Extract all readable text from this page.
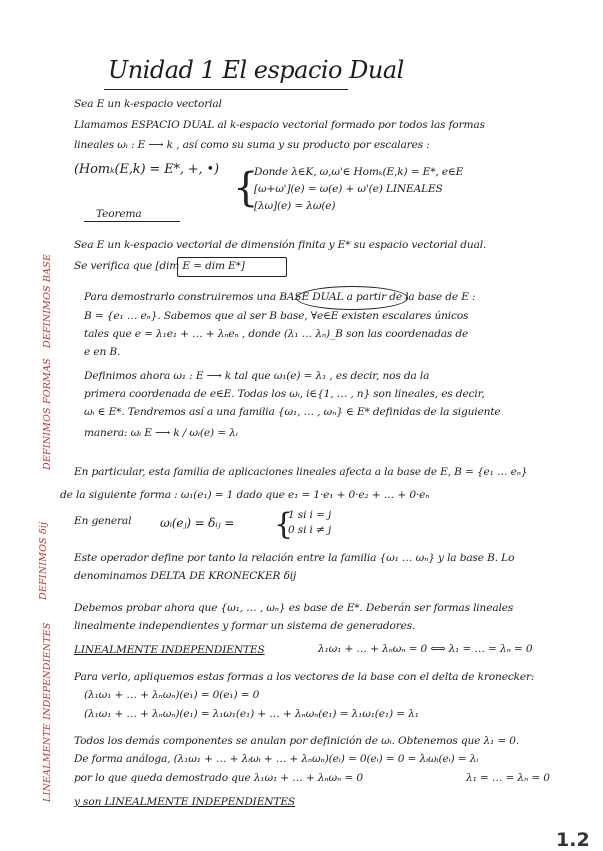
Unidad 1 El espacio Dual
Sea E un k-espacio vectorial
Llamamos ESPACIO DUAL al k-espacio vectorial formado por todos las formas
lineales ωᵢ : E ⟶ k , así como su suma y su producto por escalares :
(Homₖ(E,k) = E*, +, •) {
Donde λ∈K, ω,ω'∈ Homₖ(E,k) = E*, e∈E
[ω+ω'](e) = ω(e) + ω'(e) LINEALES
[λω](e) = λω(e)
Teorema
Sea E un k-espacio vectorial de dimensión finita y E* su espacio vectorial dual.
Se verifica que [dim E = dim E*]
Para demostrarlo construiremos una BASE DUAL a partir de la base de E :
B = {e₁ … eₙ}. Sabemos que al ser B base, ∀e∈E existen escalares únicos
tales que e = λ₁e₁ + … + λₙeₙ , donde (λ₁ … λₙ)_B son las coordenadas de
e en B.
Definimos ahora ω₁ : E ⟶ k tal que ω₁(e) = λ₁ , es decir, nos da la
primera coordenada de e∈E. Todas los ωᵢ, i∈{1, … , n} son lineales, es decir,
ωᵢ ∈ E*. Tendremos así a una familia {ω₁, … , ωₙ} ∈ E* definidas de la siguiente
manera: ωᵢ E ⟶ k / ωᵢ(e) = λᵢ
En particular, esta familia de aplicaciones lineales afecta a la base de E, B = {e₁ … eₙ}
de la siguiente forma : ω₁(e₁) = 1 dado que e₁ = 1·e₁ + 0·e₂ + … + 0·eₙ
En general ωᵢ(eⱼ) = δᵢⱼ = {
1 si i = j
0 si i ≠ j
Este operador define por tanto la relación entre la familia {ω₁ … ωₙ} y la base B. Lo
denominamos DELTA DE KRONECKER δij
Debemos probar ahora que {ω₁, … , ωₙ} es base de E*. Deberán ser formas lineales
linealmente independientes y formar un sistema de generadores.
LINEALMENTE INDEPENDIENTES	λ₁ω₁ + … + λₙωₙ = 0 ⟺ λ₁ = … = λₙ = 0
Para verlo, apliquemos estas formas a los vectores de la base con el delta de kronecker:
(λ₁ω₁ + … + λₙωₙ)(e₁) = 0(e₁) = 0
(λ₁ω₁ + … + λₙωₙ)(e₁) = λ₁ω₁(e₁) + … + λₙωₙ(e₁) = λ₁ω₁(e₁) = λ₁
Todos los demás componentes se anulan por definición de ωᵢ. Obtenemos que λ₁ = 0.
De forma análoga, (λ₁ω₁ + … + λᵢωᵢ + … + λₙωₙ)(eᵢ) = 0(eᵢ) = 0 = λᵢωᵢ(eᵢ) = λᵢ
por lo que queda demostrado que λ₁ω₁ + … + λₙωₙ = 0	λ₁ = … = λₙ = 0
y son LINEALMENTE INDEPENDIENTES
DEFINIMOS BASE
DEFINIMOS FORMAS
DEFINIMOS δij
LINEALMENTE INDEPENDIENTES
1.2
